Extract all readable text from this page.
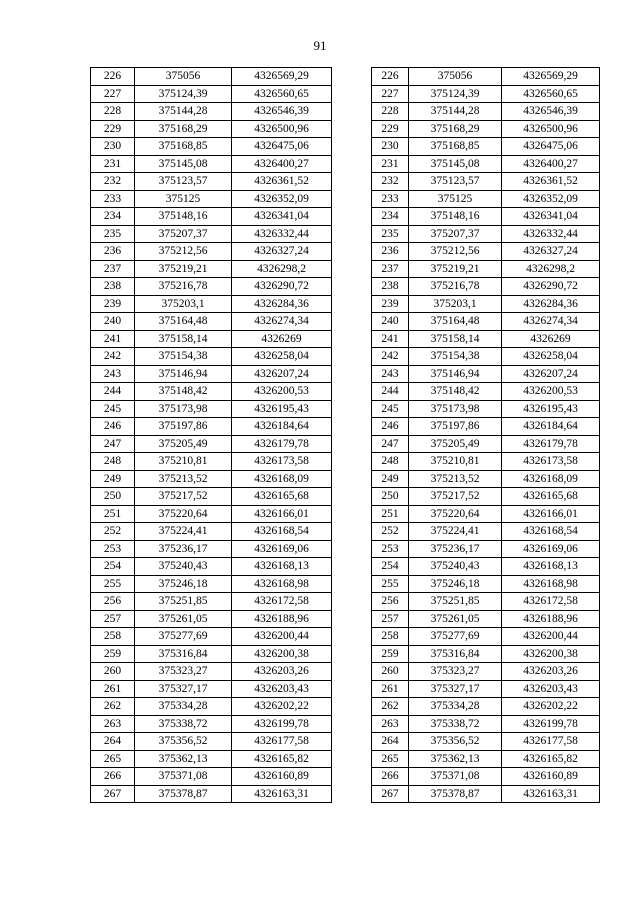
91
226	375056	4326569,29
227	375124,39	4326560,65
228	375144,28	4326546,39
229	375168,29	4326500,96
230	375168,85	4326475,06
231	375145,08	4326400,27
232	375123,57	4326361,52
233	375125	4326352,09
234	375148,16	4326341,04
235	375207,37	4326332,44
236	375212,56	4326327,24
237	375219,21	4326298,2
238	375216,78	4326290,72
239	375203,1	4326284,36
240	375164,48	4326274,34
241	375158,14	4326269
242	375154,38	4326258,04
243	375146,94	4326207,24
244	375148,42	4326200,53
245	375173,98	4326195,43
246	375197,86	4326184,64
247	375205,49	4326179,78
248	375210,81	4326173,58
249	375213,52	4326168,09
250	375217,52	4326165,68
251	375220,64	4326166,01
252	375224,41	4326168,54
253	375236,17	4326169,06
254	375240,43	4326168,13
255	375246,18	4326168,98
256	375251,85	4326172,58
257	375261,05	4326188,96
258	375277,69	4326200,44
259	375316,84	4326200,38
260	375323,27	4326203,26
261	375327,17	4326203,43
262	375334,28	4326202,22
263	375338,72	4326199,78
264	375356,52	4326177,58
265	375362,13	4326165,82
266	375371,08	4326160,89
267	375378,87	4326163,31
226	375056	4326569,29
227	375124,39	4326560,65
228	375144,28	4326546,39
229	375168,29	4326500,96
230	375168,85	4326475,06
231	375145,08	4326400,27
232	375123,57	4326361,52
233	375125	4326352,09
234	375148,16	4326341,04
235	375207,37	4326332,44
236	375212,56	4326327,24
237	375219,21	4326298,2
238	375216,78	4326290,72
239	375203,1	4326284,36
240	375164,48	4326274,34
241	375158,14	4326269
242	375154,38	4326258,04
243	375146,94	4326207,24
244	375148,42	4326200,53
245	375173,98	4326195,43
246	375197,86	4326184,64
247	375205,49	4326179,78
248	375210,81	4326173,58
249	375213,52	4326168,09
250	375217,52	4326165,68
251	375220,64	4326166,01
252	375224,41	4326168,54
253	375236,17	4326169,06
254	375240,43	4326168,13
255	375246,18	4326168,98
256	375251,85	4326172,58
257	375261,05	4326188,96
258	375277,69	4326200,44
259	375316,84	4326200,38
260	375323,27	4326203,26
261	375327,17	4326203,43
262	375334,28	4326202,22
263	375338,72	4326199,78
264	375356,52	4326177,58
265	375362,13	4326165,82
266	375371,08	4326160,89
267	375378,87	4326163,31
